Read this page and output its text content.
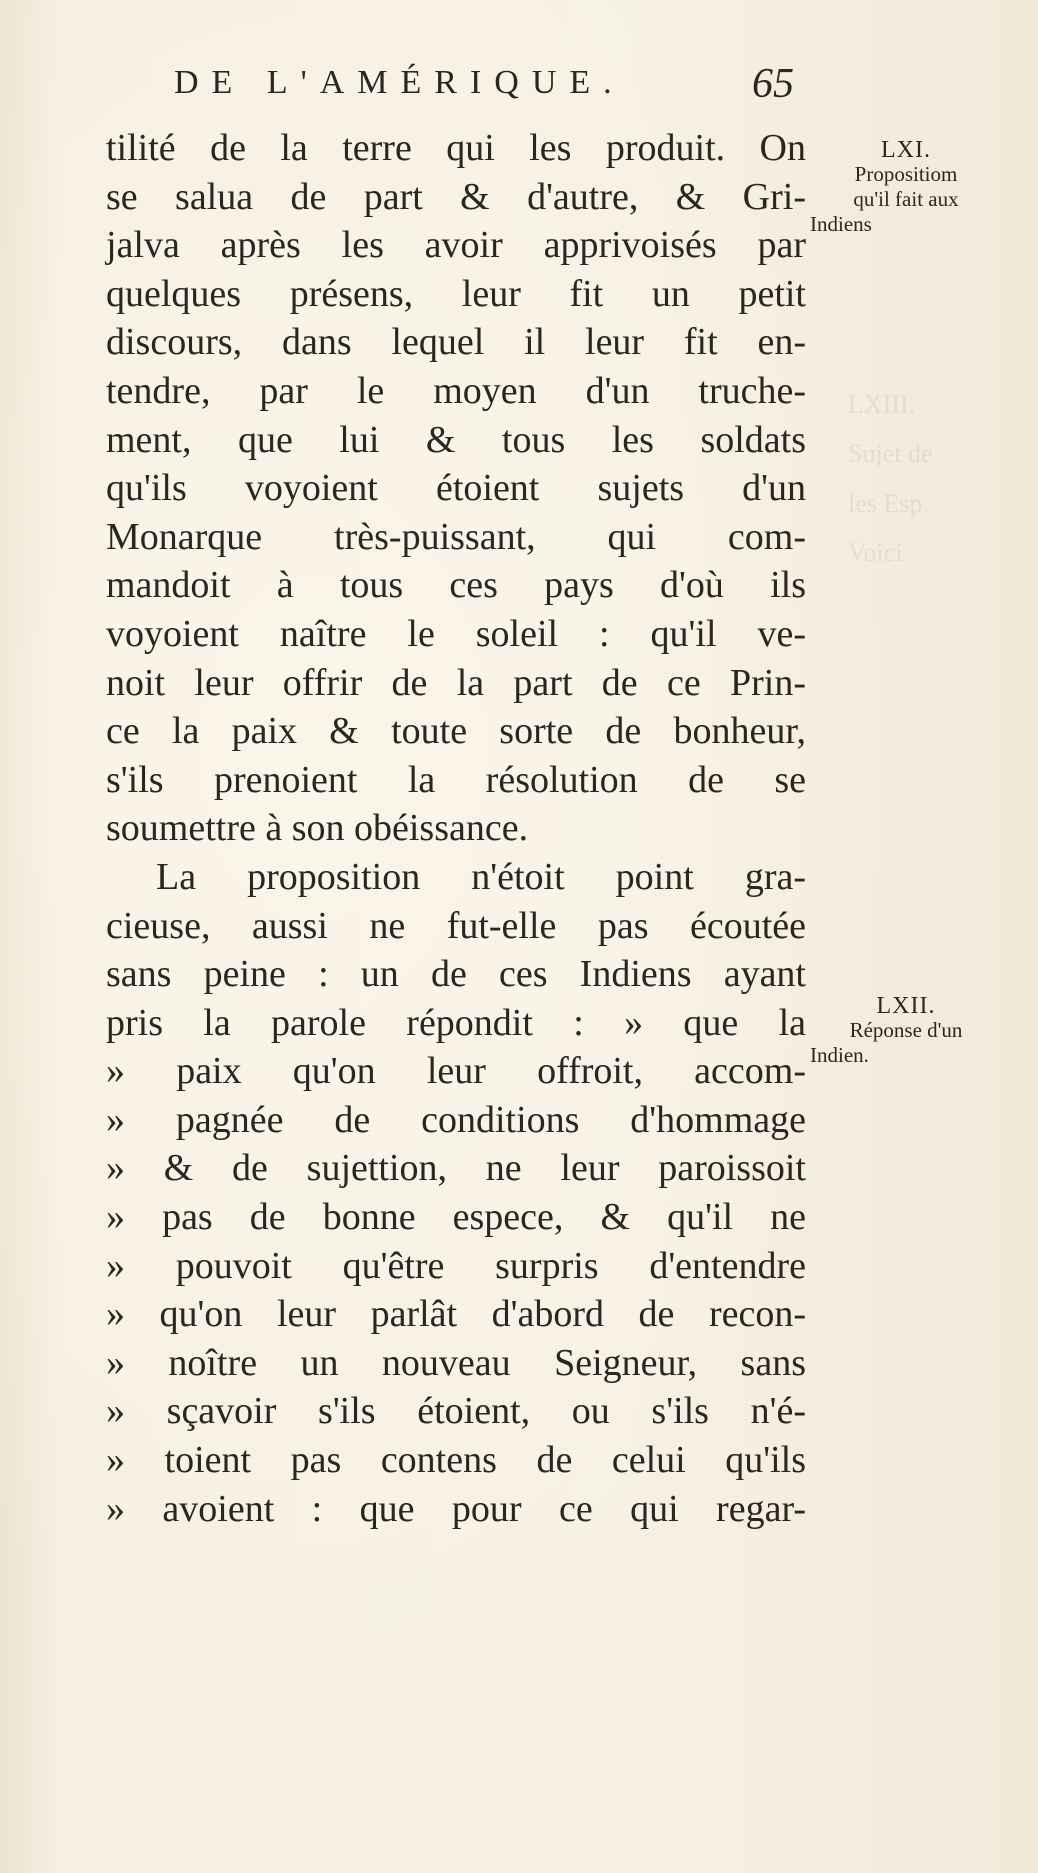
LXIII.
Sujet de
les Esp
Voici
DE L'AMÉRIQUE.	65
tilité de la terre qui les produit. On
se salua de part & d'autre, & Gri-
jalva après les avoir apprivoisés par
quelques présens, leur fit un petit
discours, dans lequel il leur fit en-
tendre, par le moyen d'un truche-
ment, que lui & tous les soldats
qu'ils voyoient étoient sujets d'un
Monarque très-puissant, qui com-
mandoit à tous ces pays d'où ils
voyoient naître le soleil : qu'il ve-
noit leur offrir de la part de ce Prin-
ce la paix & toute sorte de bonheur,
s'ils prenoient la résolution de se
soumettre à son obéissance.
La proposition n'étoit point gra-
cieuse, aussi ne fut-elle pas écoutée
sans peine : un de ces Indiens ayant
pris la parole répondit : » que la
» paix qu'on leur offroit, accom-
» pagnée de conditions d'hommage
» & de sujettion, ne leur paroissoit
» pas de bonne espece, & qu'il ne
» pouvoit qu'être surpris d'entendre
» qu'on leur parlât d'abord de recon-
» noître un nouveau Seigneur, sans
» sçavoir s'ils étoient, ou s'ils n'é-
» toient pas contens de celui qu'ils
» avoient : que pour ce qui regar-
LXI.
Propositiom
qu'il fait aux
Indiens
LXII.
Réponse d'un
Indien.
